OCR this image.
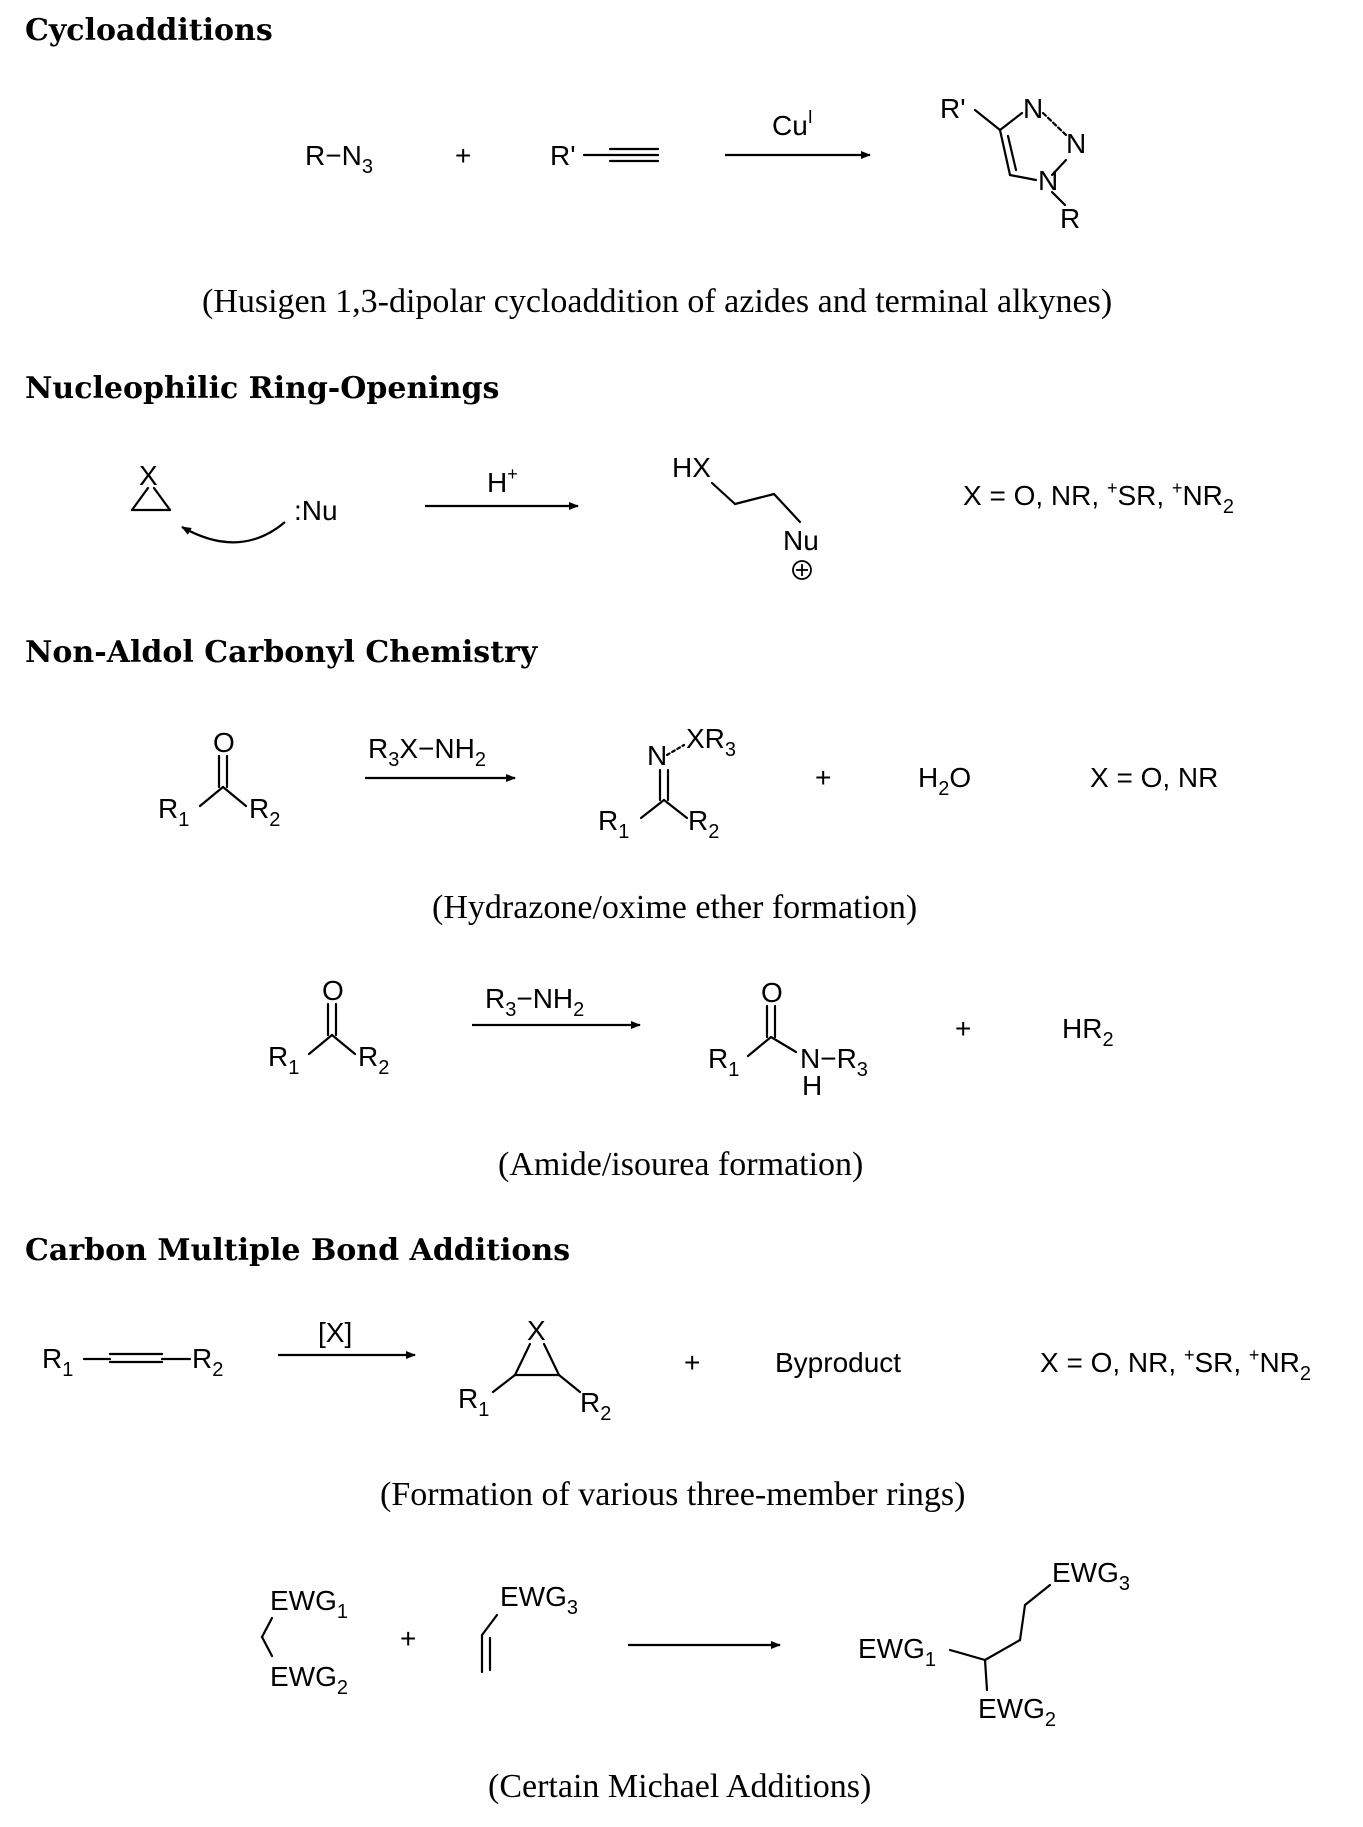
Cycloadditions
$R-N_3$	+	R'
$Cu^I$	R' N
N
N
R
(Husigen 1,3-dipolar cycloaddition of azides and terminal alkynes)
Nucleophilic Ring-Openings
X
:Nu
H+	HX
Nu
X = O, NR, +SR, $^+NR_2$
Non-Aldol Carbonyl Chemistry
O
$R_1$ $R_2$
$R_3X-NH_2$	N
$XR_3$
$R_1$ $R_2$
+	$H_2O$	X = O, NR
(Hydrazone/oxime ether formation)
O
$R_1$ $R_2$
$R_3-NH_2$
O
$R_1$ $N-R_3$
H
+	$HR_2$
(Amide/isourea formation)
Carbon Multiple Bond Additions
$R_1$	$R_2$
[X]	X
$R_1$	$R_2$
+	Byproduct	X = O, NR, +SR, $^+NR_2$
(Formation of various three-member rings)
$EWG_1$
$EWG_2$
+
$EWG_3$
$EWG_1$
$EWG_3$
$EWG_2$
(Certain Michael Additions)
